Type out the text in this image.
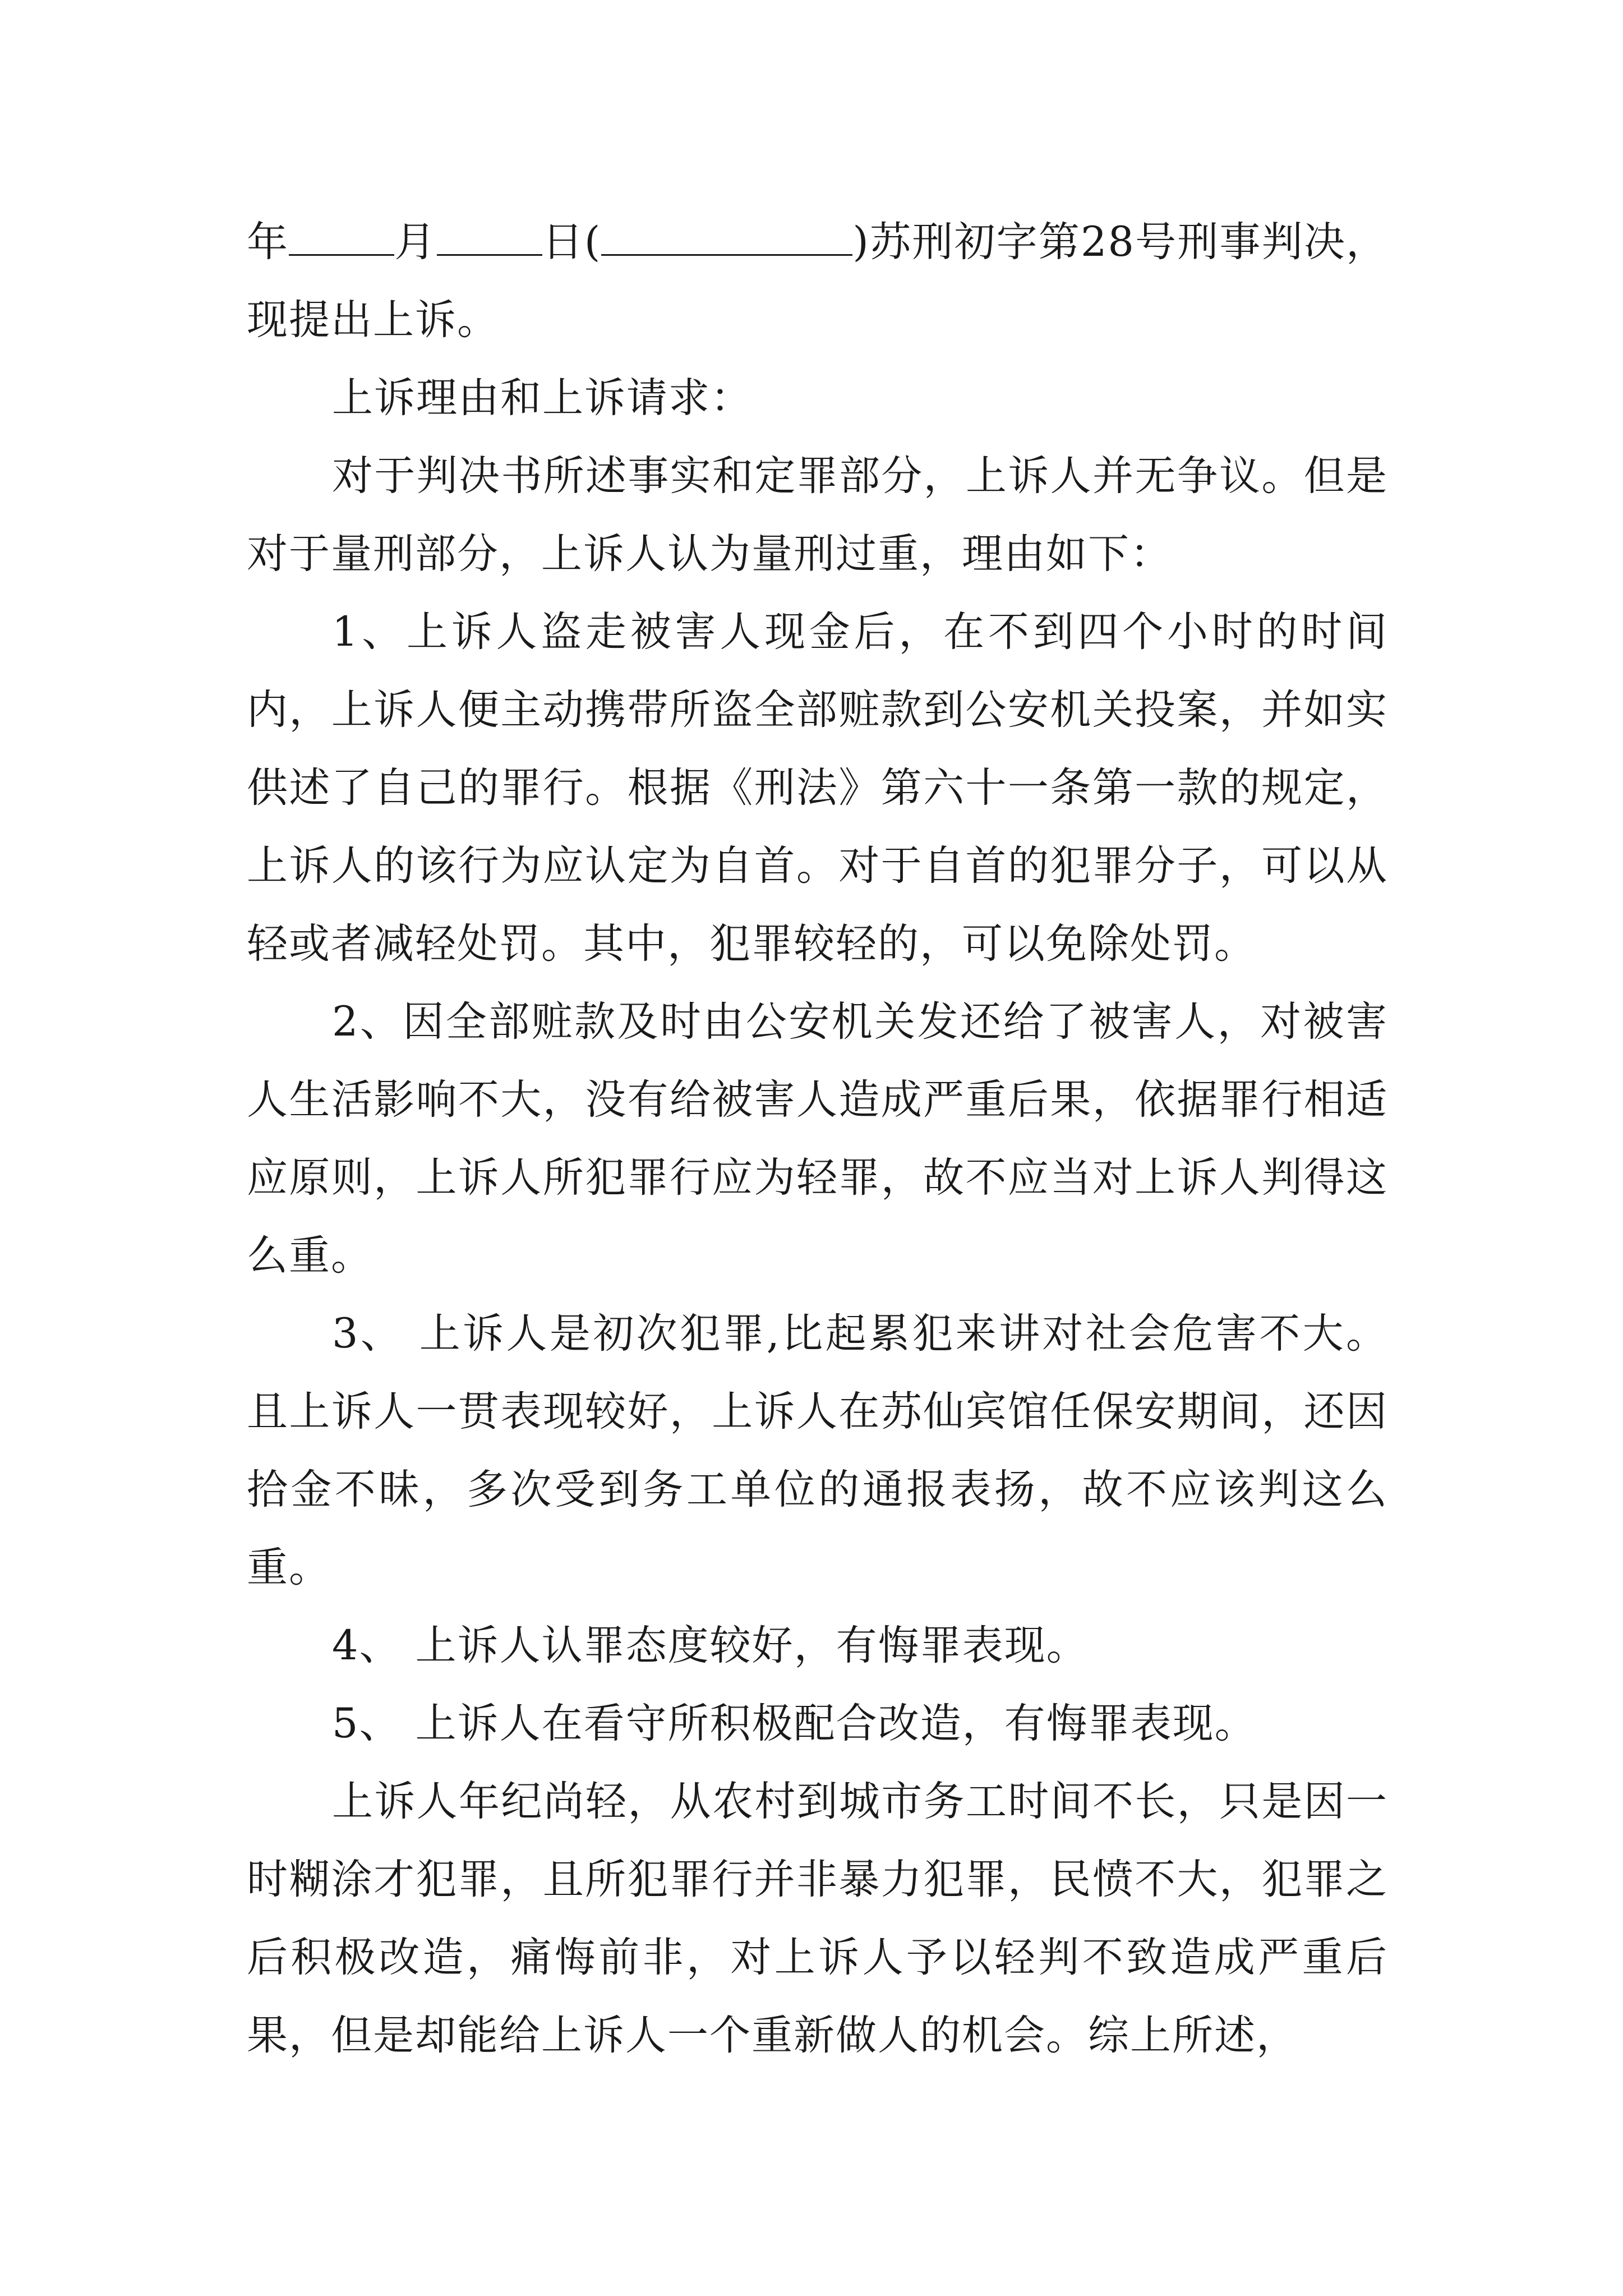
年	月	日(	)苏刑初字第28号刑事判决，现提出上诉。

上诉理由和上诉请求：

对于判决书所述事实和定罪部分，上诉人并无争议。但是对于量刑部分，上诉人认为量刑过重，理由如下：

1、上诉人盗走被害人现金后，在不到四个小时的时间内，上诉人便主动携带所盗全部赃款到公安机关投案，并如实供述了自己的罪行。根据《刑法》第六十一条第一款的规定，上诉人的该行为应认定为自首。对于自首的犯罪分子，可以从轻或者减轻处罚。其中，犯罪较轻的，可以免除处罚。

2、因全部赃款及时由公安机关发还给了被害人，对被害人生活影响不大，没有给被害人造成严重后果，依据罪行相适应原则，上诉人所犯罪行应为轻罪，故不应当对上诉人判得这么重。

3、 上诉人是初次犯罪,比起累犯来讲对社会危害不大。且上诉人一贯表现较好，上诉人在苏仙宾馆任保安期间，还因拾金不昧，多次受到务工单位的通报表扬，故不应该判这么重。

4、 上诉人认罪态度较好，有悔罪表现。

5、 上诉人在看守所积极配合改造，有悔罪表现。

上诉人年纪尚轻，从农村到城市务工时间不长，只是因一时糊涂才犯罪，且所犯罪行并非暴力犯罪，民愤不大，犯罪之后积极改造，痛悔前非，对上诉人予以轻判不致造成严重后果，但是却能给上诉人一个重新做人的机会。综上所述，
